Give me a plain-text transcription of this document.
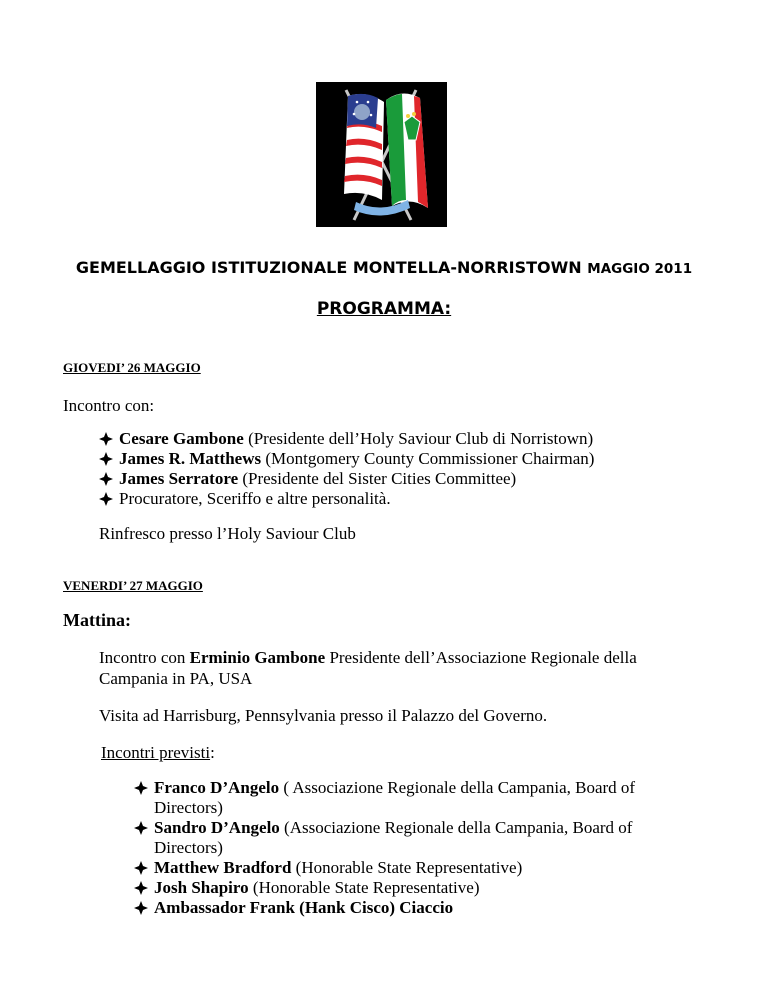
GEMELLAGGIO ISTITUZIONALE MONTELLA-NORRISTOWN MAGGIO 2011
PROGRAMMA:
GIOVEDI’ 26 MAGGIO
Incontro con:
Cesare Gambone (Presidente dell’Holy Saviour Club di Norristown)
James R. Matthews (Montgomery County Commissioner Chairman)
James Serratore (Presidente del Sister Cities Committee)
Procuratore, Sceriffo e altre personalità.
Rinfresco presso l’Holy Saviour Club
VENERDI’ 27 MAGGIO
Mattina:
Incontro con Erminio Gambone Presidente dell’Associazione Regionale della
Campania in PA, USA
Visita ad Harrisburg, Pennsylvania presso il Palazzo del Governo.
Incontri previsti:
Franco D’Angelo ( Associazione Regionale della Campania, Board of
Directors)
Sandro D’Angelo (Associazione Regionale della Campania, Board of
Directors)
Matthew Bradford (Honorable State Representative)
Josh Shapiro (Honorable State Representative)
Ambassador Frank (Hank Cisco) Ciaccio
